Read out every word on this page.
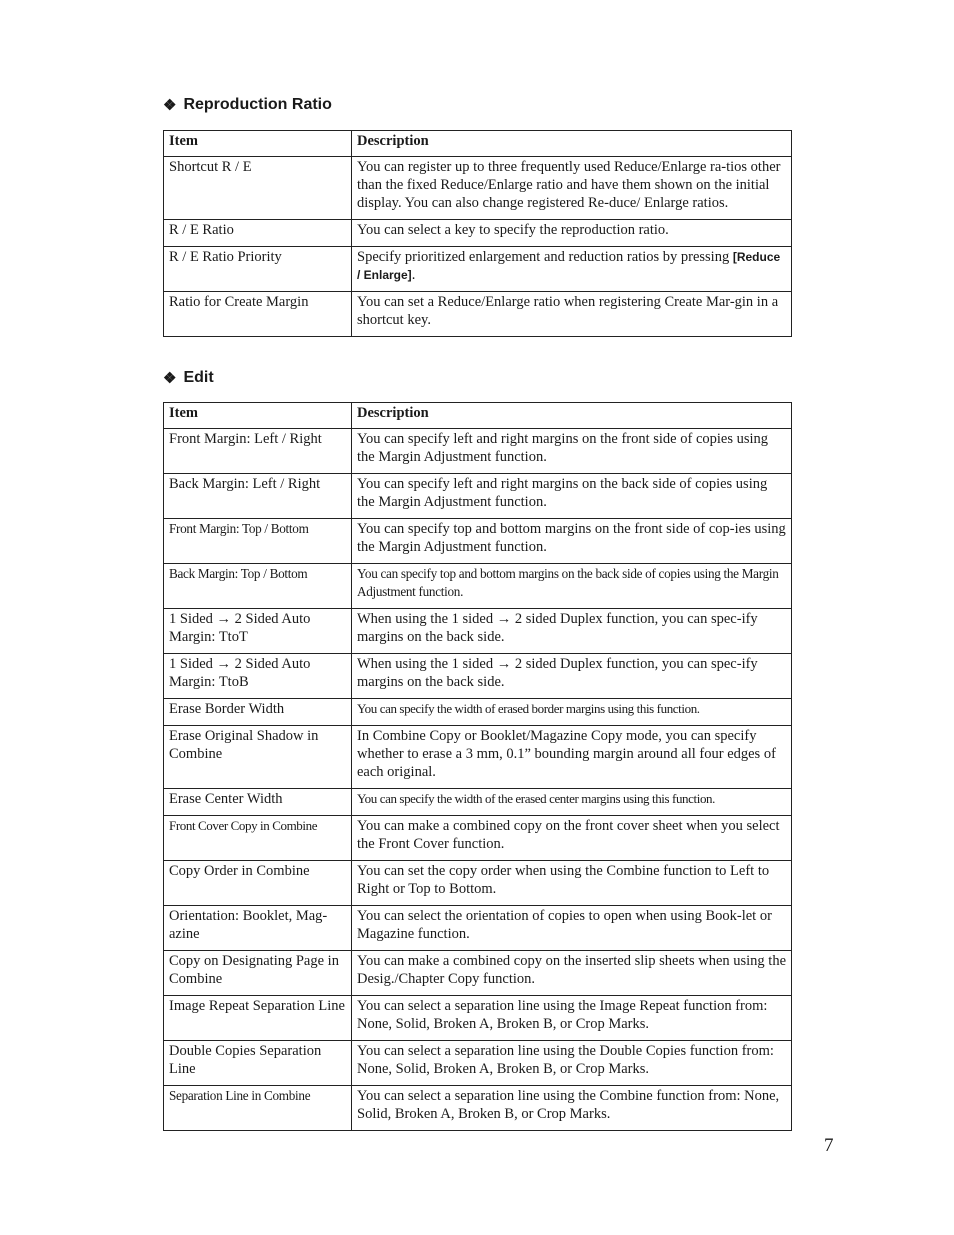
❖ Reproduction Ratio
Item	Description
Shortcut R / E	You can register up to three frequently used Reduce/Enlarge ra-tios other than the fixed Reduce/Enlarge ratio and have them shown on the initial display. You can also change registered Re-duce/ Enlarge ratios.
R / E Ratio	You can select a key to specify the reproduction ratio.
R / E Ratio Priority	Specify prioritized enlargement and reduction ratios by pressing [Reduce / Enlarge].
Ratio for Create Margin	You can set a Reduce/Enlarge ratio when registering Create Mar-gin in a shortcut key.
❖ Edit
Item	Description
Front Margin: Left / Right	You can specify left and right margins on the front side of copies using the Margin Adjustment function.
Back Margin: Left / Right	You can specify left and right margins on the back side of copies using the Margin Adjustment function.
Front Margin: Top / Bottom	You can specify top and bottom margins on the front side of cop-ies using the Margin Adjustment function.
Back Margin: Top / Bottom	You can specify top and bottom margins on the back side of copies using the Margin Adjustment function.
1 Sided → 2 Sided Auto Margin: TtoT	When using the 1 sided → 2 sided Duplex function, you can spec-ify margins on the back side.
1 Sided → 2 Sided Auto Margin: TtoB	When using the 1 sided → 2 sided Duplex function, you can spec-ify margins on the back side.
Erase Border Width	You can specify the width of erased border margins using this function.
Erase Original Shadow in Combine	In Combine Copy or Booklet/Magazine Copy mode, you can specify whether to erase a 3 mm, 0.1” bounding margin around all four edges of each original.
Erase Center Width	You can specify the width of the erased center margins using this function.
Front Cover Copy in Combine	You can make a combined copy on the front cover sheet when you select the Front Cover function.
Copy Order in Combine	You can set the copy order when using the Combine function to Left to Right or Top to Bottom.
Orientation: Booklet, Mag-azine	You can select the orientation of copies to open when using Book-let or Magazine function.
Copy on Designating Page in Combine	You can make a combined copy on the inserted slip sheets when using the Desig./Chapter Copy function.
Image Repeat Separation Line	You can select a separation line using the Image Repeat function from: None, Solid, Broken A, Broken B, or Crop Marks.
Double Copies Separation Line	You can select a separation line using the Double Copies function from: None, Solid, Broken A, Broken B, or Crop Marks.
Separation Line in Combine	You can select a separation line using the Combine function from: None, Solid, Broken A, Broken B, or Crop Marks.
7
